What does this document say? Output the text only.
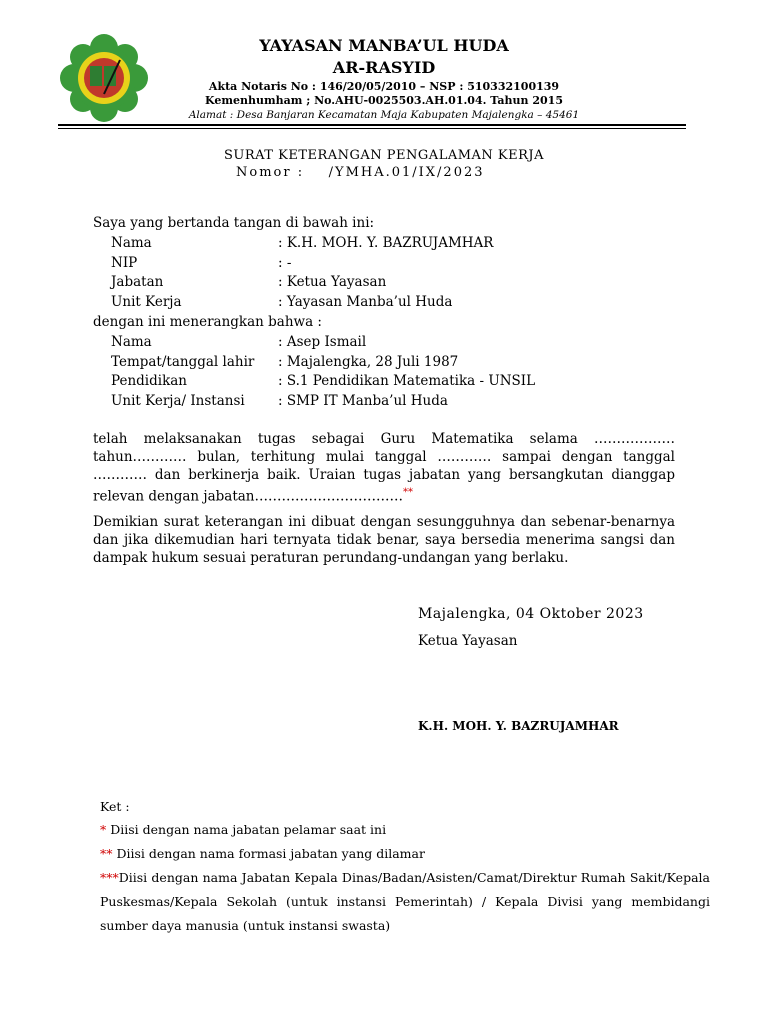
YAYASAN MANBA’UL HUDA
AR-RASYID
Akta Notaris No : 146/20/05/2010 – NSP : 510332100139
Kemenhumham ; No.AHU-0025503.AH.01.04. Tahun 2015
Alamat : Desa Banjaran Kecamatan Maja Kabupaten Majalengka – 45461
SURAT KETERANGAN PENGALAMAN KERJA
Nomor :    /YMHA.01/IX/2023
Saya yang bertanda tangan di bawah ini:
Nama	: K.H. MOH. Y. BAZRUJAMHAR
NIP	: -
Jabatan	: Ketua Yayasan
Unit Kerja	: Yayasan Manba’ul Huda
dengan ini menerangkan bahwa :
Nama	: Asep Ismail
Tempat/tanggal lahir : Majalengka, 28 Juli 1987
Pendidikan	: S.1 Pendidikan Matematika - UNSIL
Unit Kerja/ Instansi : SMP IT Manba’ul Huda
telah melaksanakan tugas sebagai Guru Matematika selama ……………… tahun………… bulan, terhitung mulai tanggal ………… sampai dengan tanggal ………… dan berkinerja baik. Uraian tugas jabatan yang bersangkutan dianggap relevan dengan jabatan……………………………**
Demikian surat keterangan ini dibuat dengan sesungguhnya dan sebenar-benarnya dan jika dikemudian hari ternyata tidak benar, saya bersedia menerima sangsi dan dampak hukum sesuai peraturan perundang-undangan yang berlaku.
Majalengka, 04 Oktober 2023
Ketua Yayasan
K.H. MOH. Y. BAZRUJAMHAR
Ket :
* Diisi dengan nama jabatan pelamar saat ini
** Diisi dengan nama formasi jabatan yang dilamar
***Diisi dengan nama Jabatan Kepala Dinas/Badan/Asisten/Camat/Direktur Rumah Sakit/Kepala Puskesmas/Kepala Sekolah (untuk instansi Pemerintah) / Kepala Divisi yang membidangi sumber daya manusia (untuk instansi swasta)
